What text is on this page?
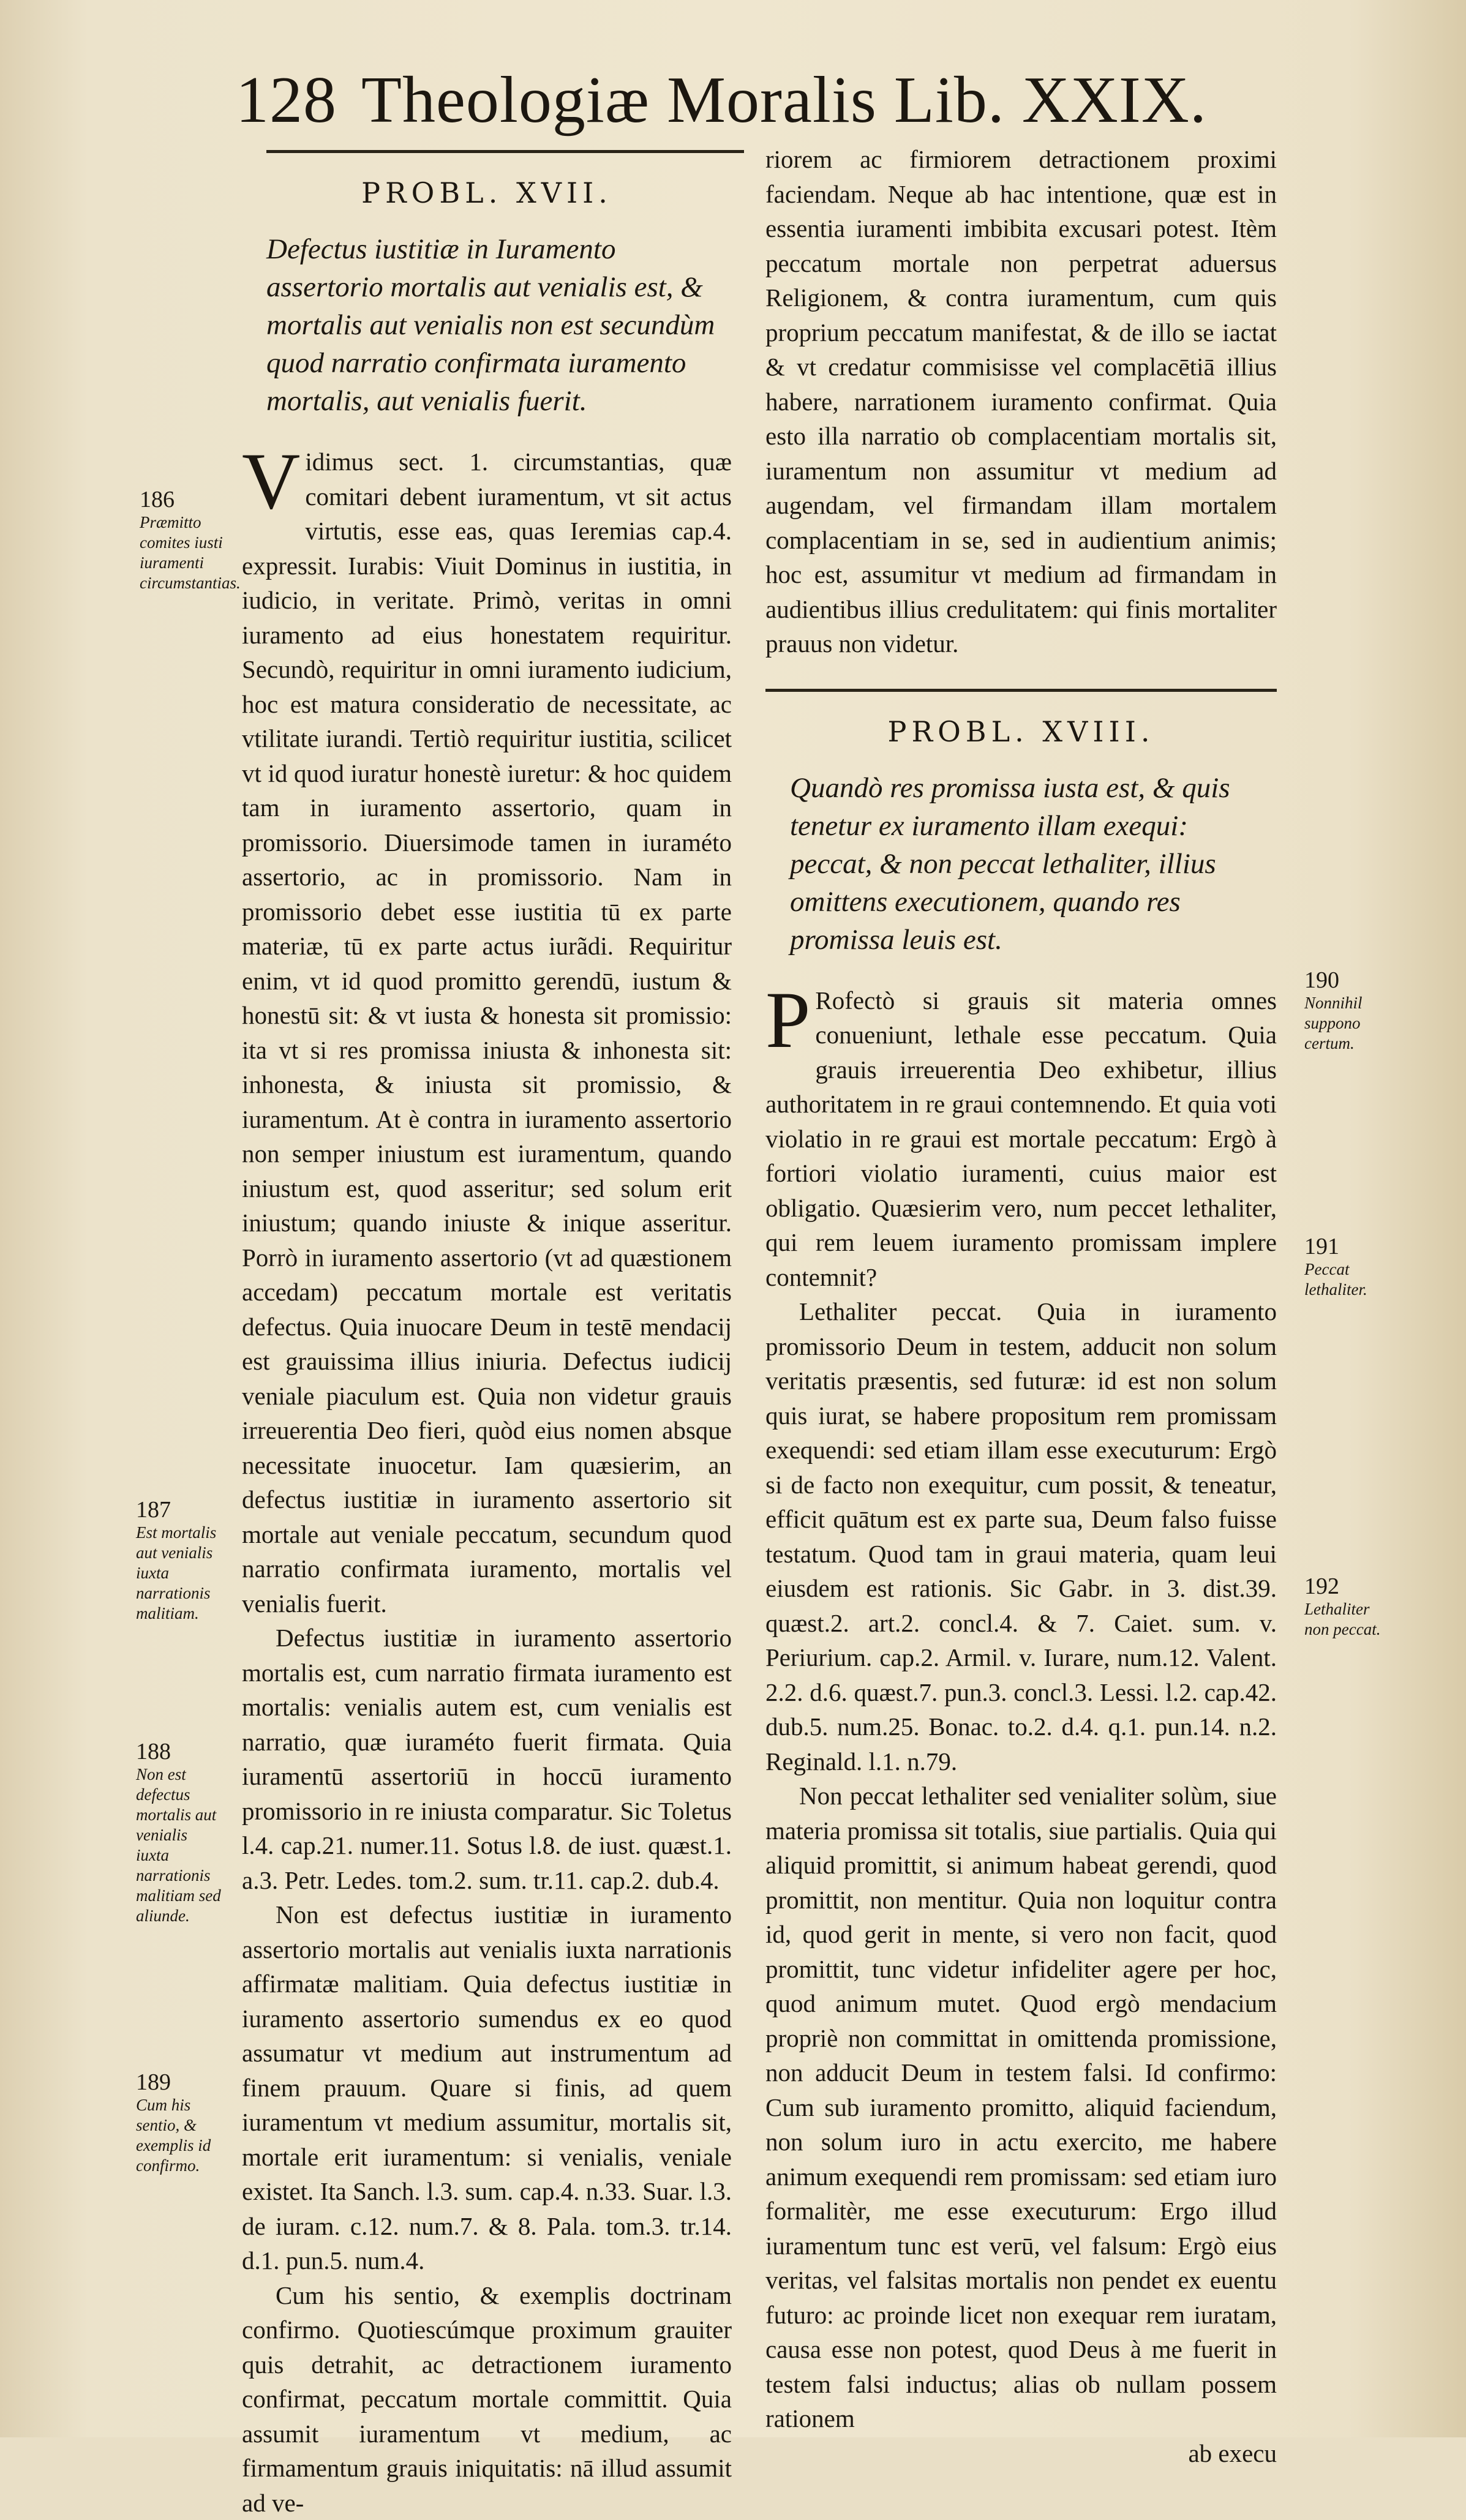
128 Theologiæ Moralis Lib. XXIX.
PROBL. XVII.

Defectus iustitiæ in Iuramento assertorio mortalis aut venialis est, & mortalis aut venialis non est secundùm quod narratio confirmata iuramento mortalis, aut venialis fuerit.

Vidimus sect. 1. circumstantias, quæ comitari debent iuramentum, vt sit actus virtutis, esse eas, quas Ieremias cap.4. expressit. Iurabis: Viuit Dominus in iustitia, in iudicio, in veritate. Primò, veritas in omni iuramento ad eius honestatem requiritur. Secundò, requiritur in omni iuramento iudicium, hoc est matura consideratio de necessitate, ac vtilitate iurandi. Tertiò requiritur iustitia, scilicet vt id quod iuratur honestè iuretur: & hoc quidem tam in iuramento assertorio, quam in promissorio. Diuersimode tamen in iuraméto assertorio, ac in promissorio. Nam in promissorio debet esse iustitia tū ex parte materiæ, tū ex parte actus iurãdi. Requiritur enim, vt id quod promitto gerendū, iustum & honestū sit: & vt iusta & honesta sit promissio: ita vt si res promissa iniusta & inhonesta sit: inhonesta, & iniusta sit promissio, & iuramentum. At è contra in iuramento assertorio non semper iniustum est iuramentum, quando iniustum est, quod asseritur; sed solum erit iniustum; quando iniuste & inique asseritur. Porrò in iuramento assertorio (vt ad quæstionem accedam) peccatum mortale est veritatis defectus. Quia inuocare Deum in testē mendacij est grauissima illius iniuria. Defectus iudicij veniale piaculum est. Quia non videtur grauis irreuerentia Deo fieri, quòd eius nomen absque necessitate inuocetur. Iam quæsierim, an defectus iustitiæ in iuramento assertorio sit mortale aut veniale peccatum, secundum quod narratio confirmata iuramento, mortalis vel venialis fuerit.

Defectus iustitiæ in iuramento assertorio mortalis est, cum narratio firmata iuramento est mortalis: venialis autem est, cum venialis est narratio, quæ iuraméto fuerit firmata. Quia iuramentū assertoriū in hoccū iuramento promissorio in re iniusta comparatur. Sic Toletus l.4. cap.21. numer.11. Sotus l.8. de iust. quæst.1. a.3. Petr. Ledes. tom.2. sum. tr.11. cap.2. dub.4.

Non est defectus iustitiæ in iuramento assertorio mortalis aut venialis iuxta narrationis affirmatæ malitiam. Quia defectus iustitiæ in iuramento assertorio sumendus ex eo quod assumatur vt medium aut instrumentum ad finem prauum. Quare si finis, ad quem iuramentum vt medium assumitur, mortalis sit, mortale erit iuramentum: si venialis, veniale existet. Ita Sanch. l.3. sum. cap.4. n.33. Suar. l.3. de iuram. c.12. num.7. & 8. Pala. tom.3. tr.14. d.1. pun.5. num.4.

Cum his sentio, & exemplis doctrinam confirmo. Quotiescúmque proximum grauiter quis detrahit, ac detractionem iuramento confirmat, peccatum mortale committit. Quia assumit iuramentum vt medium, ac firmamentum grauis iniquitatis: nā illud assumit ad ve-

186
Præmitto comites iusti iuramenti circumstantias.
187
Est mortalis aut venialis iuxta narrationis malitiam.
188
Non est defectus mortalis aut venialis iuxta narrationis malitiam sed aliunde.
189
Cum his sentio, & exemplis id confirmo.

riorem ac firmiorem detractionem proximi faciendam. Neque ab hac intentione, quæ est in essentia iuramenti imbibita excusari potest. Itèm peccatum mortale non perpetrat aduersus Religionem, & contra iuramentum, cum quis proprium peccatum manifestat, & de illo se iactat & vt credatur commisisse vel complacētiā illius habere, narrationem iuramento confirmat. Quia esto illa narratio ob complacentiam mortalis sit, iuramentum non assumitur vt medium ad augendam, vel firmandam illam mortalem complacentiam in se, sed in audientium animis; hoc est, assumitur vt medium ad firmandam in audientibus illius credulitatem: qui finis mortaliter prauus non videtur.

PROBL. XVIII.

Quandò res promissa iusta est, & quis tenetur ex iuramento illam exequi: peccat, & non peccat lethaliter, illius omittens executionem, quando res promissa leuis est.

P Rofectò si grauis sit materia omnes conueniunt, lethale esse peccatum. Quia grauis irreuerentia Deo exhibetur, illius authoritatem in re graui contemnendo. Et quia voti violatio in re graui est mortale peccatum: Ergò à fortiori violatio iuramenti, cuius maior est obligatio. Quæsierim vero, num peccet lethaliter, qui rem leuem iuramento promissam implere contemnit?

Lethaliter peccat. Quia in iuramento promissorio Deum in testem, adducit non solum veritatis præsentis, sed futuræ: id est non solum quis iurat, se habere propositum rem promissam exequendi: sed etiam illam esse executurum: Ergò si de facto non exequitur, cum possit, & teneatur, efficit quātum est ex parte sua, Deum falso fuisse testatum. Quod tam in graui materia, quam leui eiusdem est rationis. Sic Gabr. in 3. dist.39. quæst.2. art.2. concl.4. & 7. Caiet. sum. v. Periurium. cap.2. Armil. v. Iurare, num.12. Valent. 2.2. d.6. quæst.7. pun.3. concl.3. Lessi. l.2. cap.42. dub.5. num.25. Bonac. to.2. d.4. q.1. pun.14. n.2. Reginald. l.1. n.79.

Non peccat lethaliter sed venialiter solùm, siue materia promissa sit totalis, siue partialis. Quia qui aliquid promittit, si animum habeat gerendi, quod promittit, non mentitur. Quia non loquitur contra id, quod gerit in mente, si vero non facit, quod promittit, tunc videtur infideliter agere per hoc, quod animum mutet. Quod ergò mendacium propriè non committat in omittenda promissione, non adducit Deum in testem falsi. Id confirmo: Cum sub iuramento promitto, aliquid faciendum, non solum iuro in actu exercito, me habere animum exequendi rem promissam: sed etiam iuro formalitèr, me esse executurum: Ergo illud iuramentum tunc est verū, vel falsum: Ergò eius veritas, vel falsitas mortalis non pendet ex euentu futuro: ac proinde licet non exequar rem iuratam, causa esse non potest, quod Deus à me fuerit in testem falsi inductus; alias ob nullam possem rationem

ab execu
190
Nonnihil suppono certum.
191
Peccat lethaliter.
192
Lethaliter non peccat.
